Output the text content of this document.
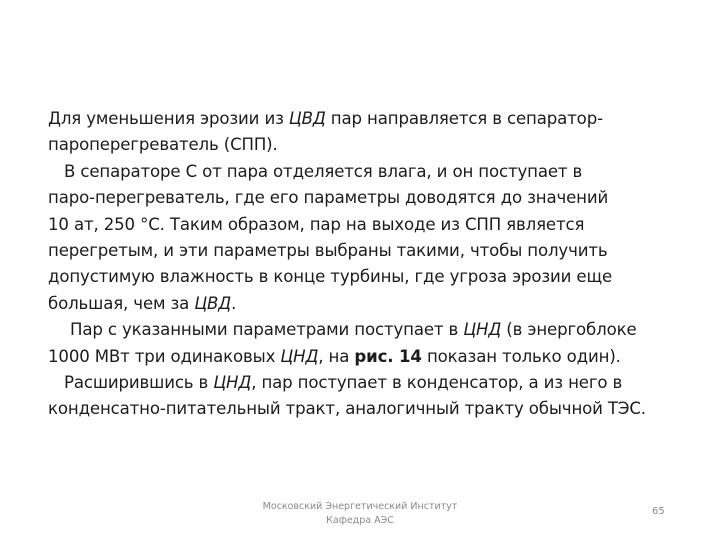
Для уменьшения эрозии из ЦВД пар направляется в сепаратор-
пароперегреватель (СПП).
В сепараторе С от пара отделяется влага, и он поступает в
паро-перегреватель, где его параметры доводятся до значений
10 ат, 250 °С. Таким образом, пар на выходе из СПП является
перегретым, и эти параметры выбраны такими, чтобы получить
допустимую влажность в конце турбины, где угроза эрозии еще
большая, чем за ЦВД.
Пар с указанными параметрами поступает в ЦНД (в энергоблоке
1000 МВт три одинаковых ЦНД, на рис. 14 показан только один).
Расширившись в ЦНД, пар поступает в конденсатор, а из него в
конденсатно-питательный тракт, аналогичный тракту обычной ТЭС.
Московский Энергетический Институт
Кафедра АЭС
65
